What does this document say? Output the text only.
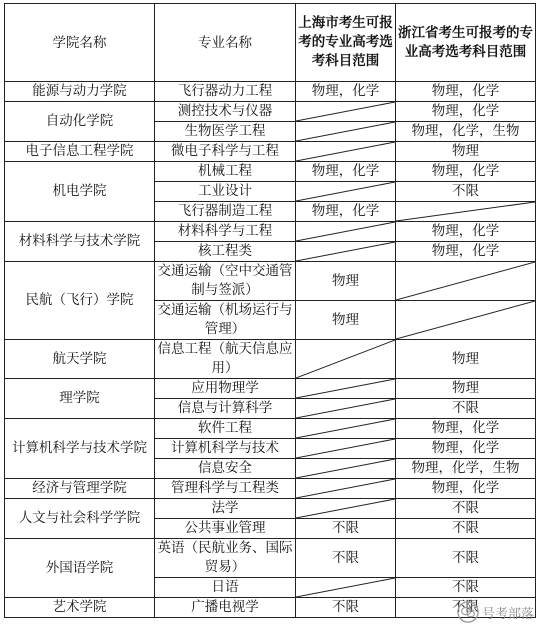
学院名称	专业名称	上海市考生可报考的专业高考选考科目范围	浙江省考生可报考的专业高考选考科目范围
能源与动力学院	飞行器动力工程	物理，化学	物理，化学
自动化学院	测控技术与仪器		物理，化学
	生物医学工程		物理，化学，生物
电子信息工程学院	微电子科学与工程		物理
机电学院	机械工程	物理，化学	物理，化学
	工业设计		不限
	飞行器制造工程	物理，化学	

材料科学与技术学院	材料科学与工程		物理，化学
	核工程类		物理，化学
民航（飞行）学院	交通运输（空中交通管制与签派）	物理	

	交通运输（机场运行与管理）	物理	

航天学院	信息工程（航天信息应用）		物理
理学院	应用物理学		物理
	信息与计算科学		不限
计算机科学与技术学院	软件工程		物理，化学
	计算机科学与技术		物理，化学
	信息安全		物理，化学，生物
经济与管理学院	管理科学与工程类		物理，化学
人文与社会科学学院	法学		不限
	公共事业管理	不限	不限
外国语学院	英语（民航业务、国际贸易）	不限	不限
	日语		不限
艺术学院	广播电视学	不限	不限 号考部落
